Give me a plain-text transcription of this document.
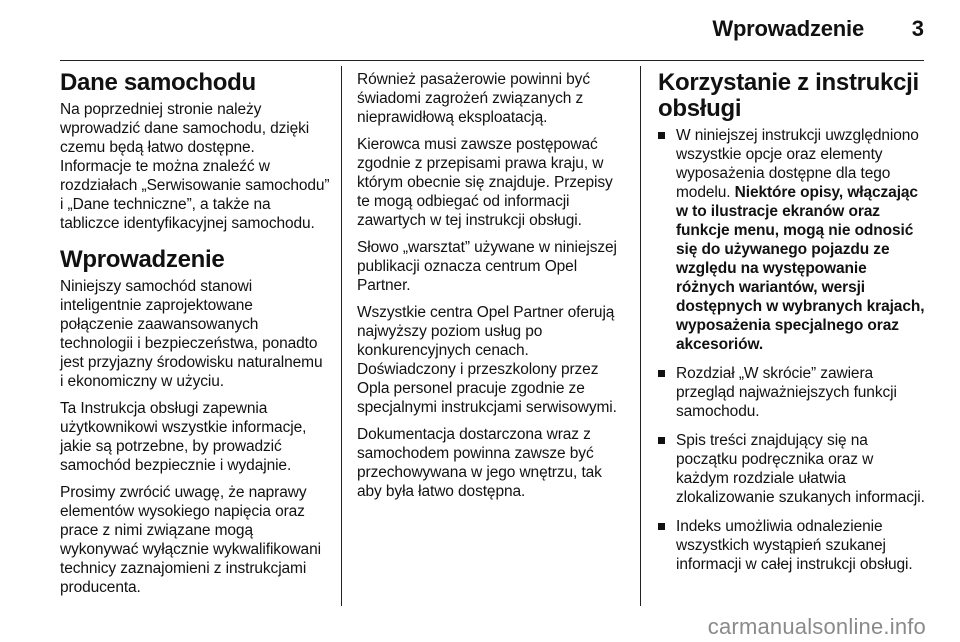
Wprowadzenie 3
Dane samochodu

Na poprzedniej stronie należy wprowadzić dane samochodu, dzięki czemu będą łatwo dostępne. Informacje te można znaleźć w rozdziałach „Serwisowanie samochodu” i „Dane techniczne”, a także na tabliczce identyfikacyjnej samochodu.

Wprowadzenie

Niniejszy samochód stanowi inteligentnie zaprojektowane połączenie zaawansowanych technologii i bezpieczeństwa, ponadto jest przyjazny środowisku naturalnemu i ekonomiczny w użyciu.

Ta Instrukcja obsługi zapewnia użytkownikowi wszystkie informacje, jakie są potrzebne, by prowadzić samochód bezpiecznie i wydajnie.

Prosimy zwrócić uwagę, że naprawy elementów wysokiego napięcia oraz prace z nimi związane mogą wykonywać wyłącznie wykwalifikowani technicy zaznajomieni z instrukcjami producenta.

Również pasażerowie powinni być świadomi zagrożeń związanych z nieprawidłową eksploatacją.

Kierowca musi zawsze postępować zgodnie z przepisami prawa kraju, w którym obecnie się znajduje. Przepisy te mogą odbiegać od informacji zawartych w tej instrukcji obsługi.

Słowo „warsztat” używane w niniejszej publikacji oznacza centrum Opel Partner.

Wszystkie centra Opel Partner oferują najwyższy poziom usług po konkurencyjnych cenach. Doświadczony i przeszkolony przez Opla personel pracuje zgodnie ze specjalnymi instrukcjami serwisowymi.

Dokumentacja dostarczona wraz z samochodem powinna zawsze być przechowywana w jego wnętrzu, tak aby była łatwo dostępna.

Korzystanie z instrukcji obsługi
W niniejszej instrukcji uwzględniono wszystkie opcje oraz elementy wyposażenia dostępne dla tego modelu. Niektóre opisy, włączając w to ilustracje ekranów oraz funkcje menu, mogą nie odnosić się do używanego pojazdu ze względu na występowanie różnych wariantów, wersji dostępnych w wybranych krajach, wyposażenia specjalnego oraz akcesoriów.
Rozdział „W skrócie” zawiera przegląd najważniejszych funkcji samochodu.
Spis treści znajdujący się na początku podręcznika oraz w każdym rozdziale ułatwia zlokalizowanie szukanych informacji.
Indeks umożliwia odnalezienie wszystkich wystąpień szukanej informacji w całej instrukcji obsługi.
carmanualsonline.info
